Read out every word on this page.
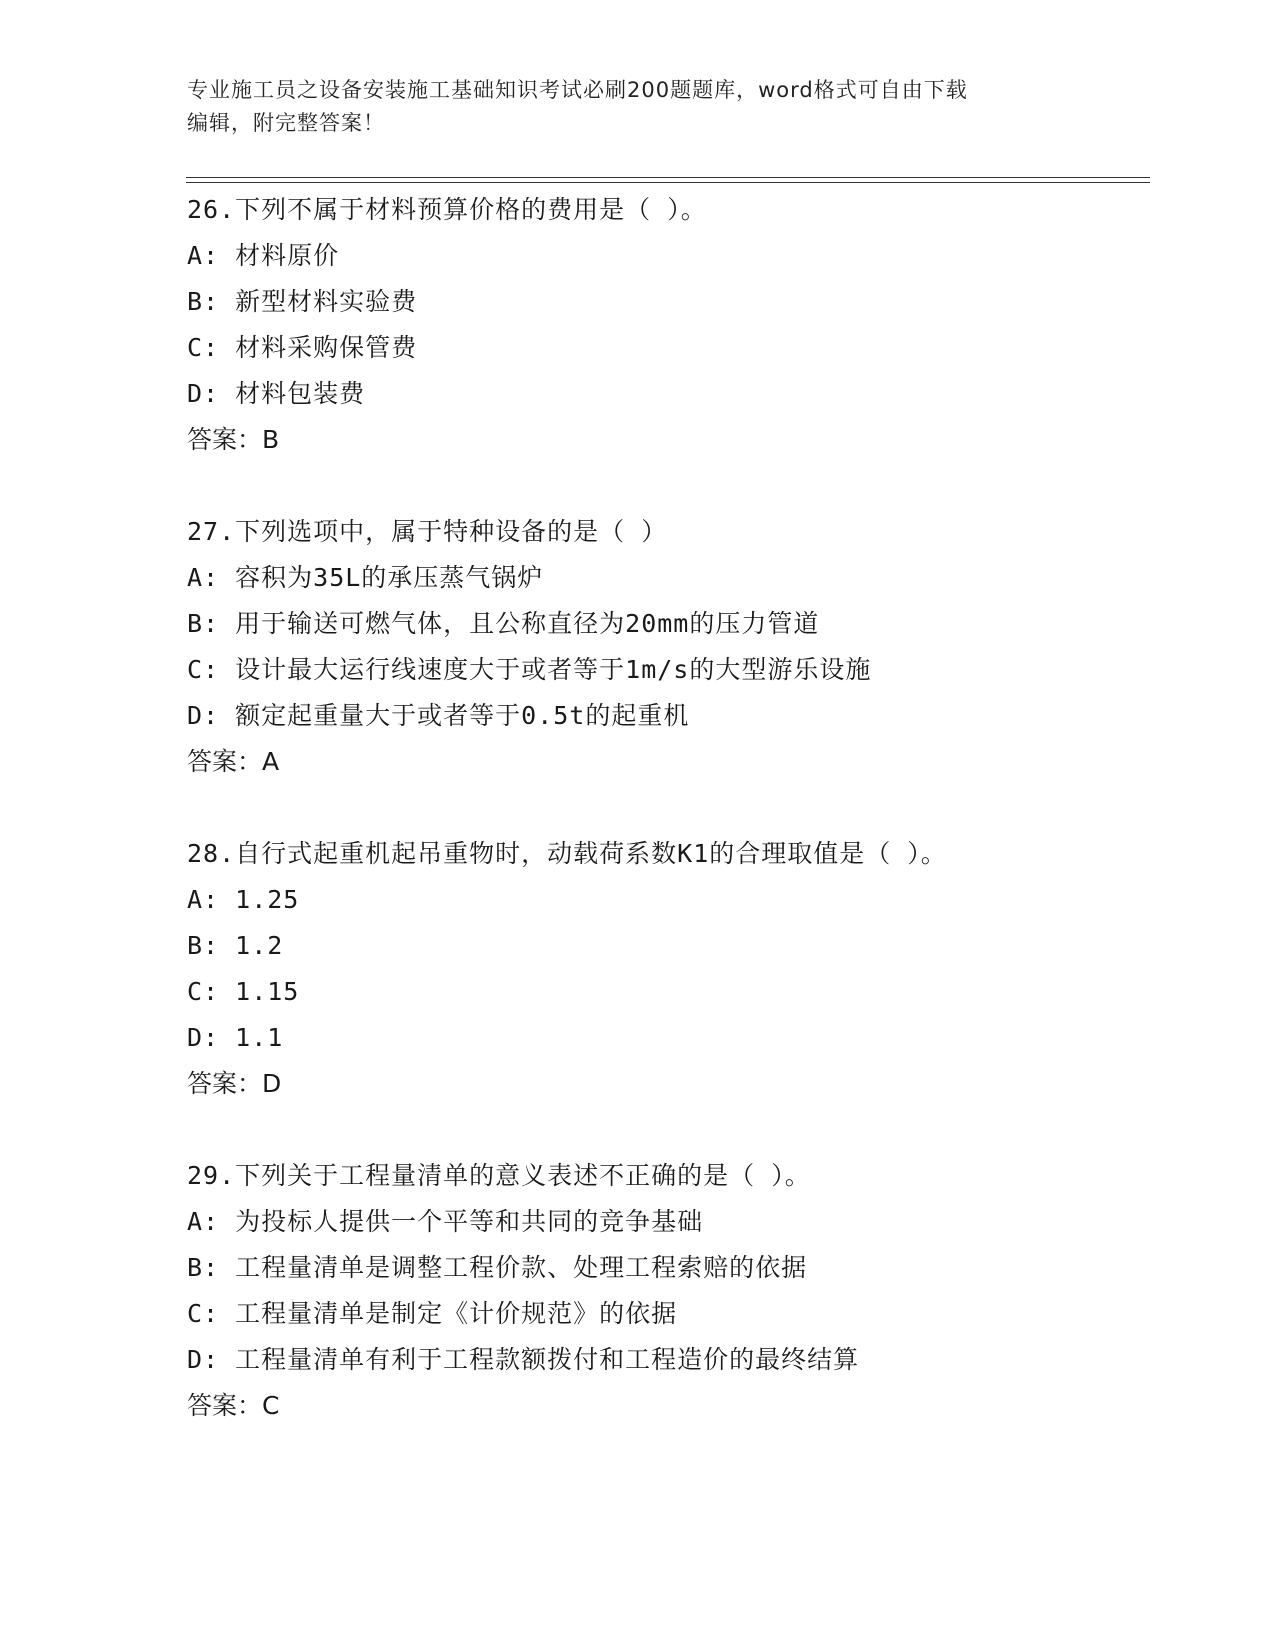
专业施工员之设备安装施工基础知识考试必刷200题题库，word格式可自由下载
编辑，附完整答案！
26.下列不属于材料预算价格的费用是（ ）。
A: 材料原价
B: 新型材料实验费
C: 材料采购保管费
D: 材料包装费
答案：B
27.下列选项中，属于特种设备的是（ ）
A: 容积为35L的承压蒸气锅炉
B: 用于输送可燃气体，且公称直径为20mm的压力管道
C: 设计最大运行线速度大于或者等于1m/s的大型游乐设施
D: 额定起重量大于或者等于0.5t的起重机
答案：A
28.自行式起重机起吊重物时，动载荷系数K1的合理取值是（ ）。
A: 1.25
B: 1.2
C: 1.15
D: 1.1
答案：D
29.下列关于工程量清单的意义表述不正确的是（ ）。
A: 为投标人提供一个平等和共同的竞争基础
B: 工程量清单是调整工程价款、处理工程索赔的依据
C: 工程量清单是制定《计价规范》的依据
D: 工程量清单有利于工程款额拨付和工程造价的最终结算
答案：C
